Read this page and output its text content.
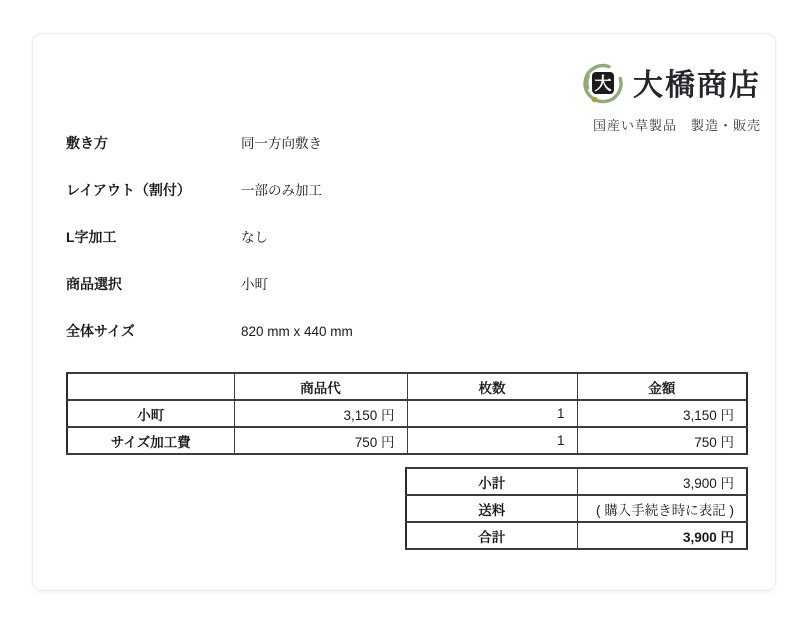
大 大橋商店
国産い草製品　製造・販売
敷き方	同一方向敷き
レイアウト（割付）	一部のみ加工
L字加工	なし
商品選択	小町
全体サイズ	820 mm x 440 mm
	商品代	枚数	金額
小町	3,150 円	1	3,150 円
サイズ加工費	750 円	1	750 円
小計	3,900 円
送料	( 購入手続き時に表記 )
合計	3,900 円
